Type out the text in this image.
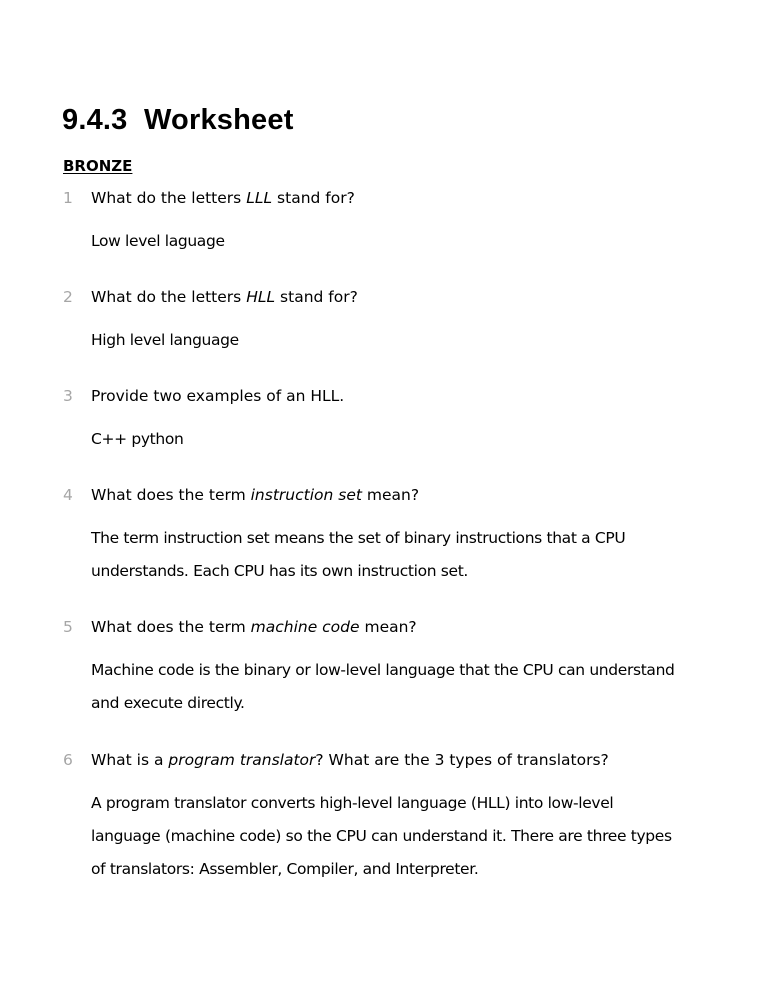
9.4.3  Worksheet
BRONZE
1 What do the letters LLL stand for?
Low level laguage
2 What do the letters HLL stand for?
High level language
3 Provide two examples of an HLL.
C++ python
4 What does the term instruction set mean?
The term instruction set means the set of binary instructions that a CPU understands. Each CPU has its own instruction set.
5 What does the term machine code mean?
Machine code is the binary or low-level language that the CPU can understand and execute directly.
6 What is a program translator? What are the 3 types of translators?
A program translator converts high-level language (HLL) into low-level language (machine code) so the CPU can understand it. There are three types of translators: Assembler, Compiler, and Interpreter.
